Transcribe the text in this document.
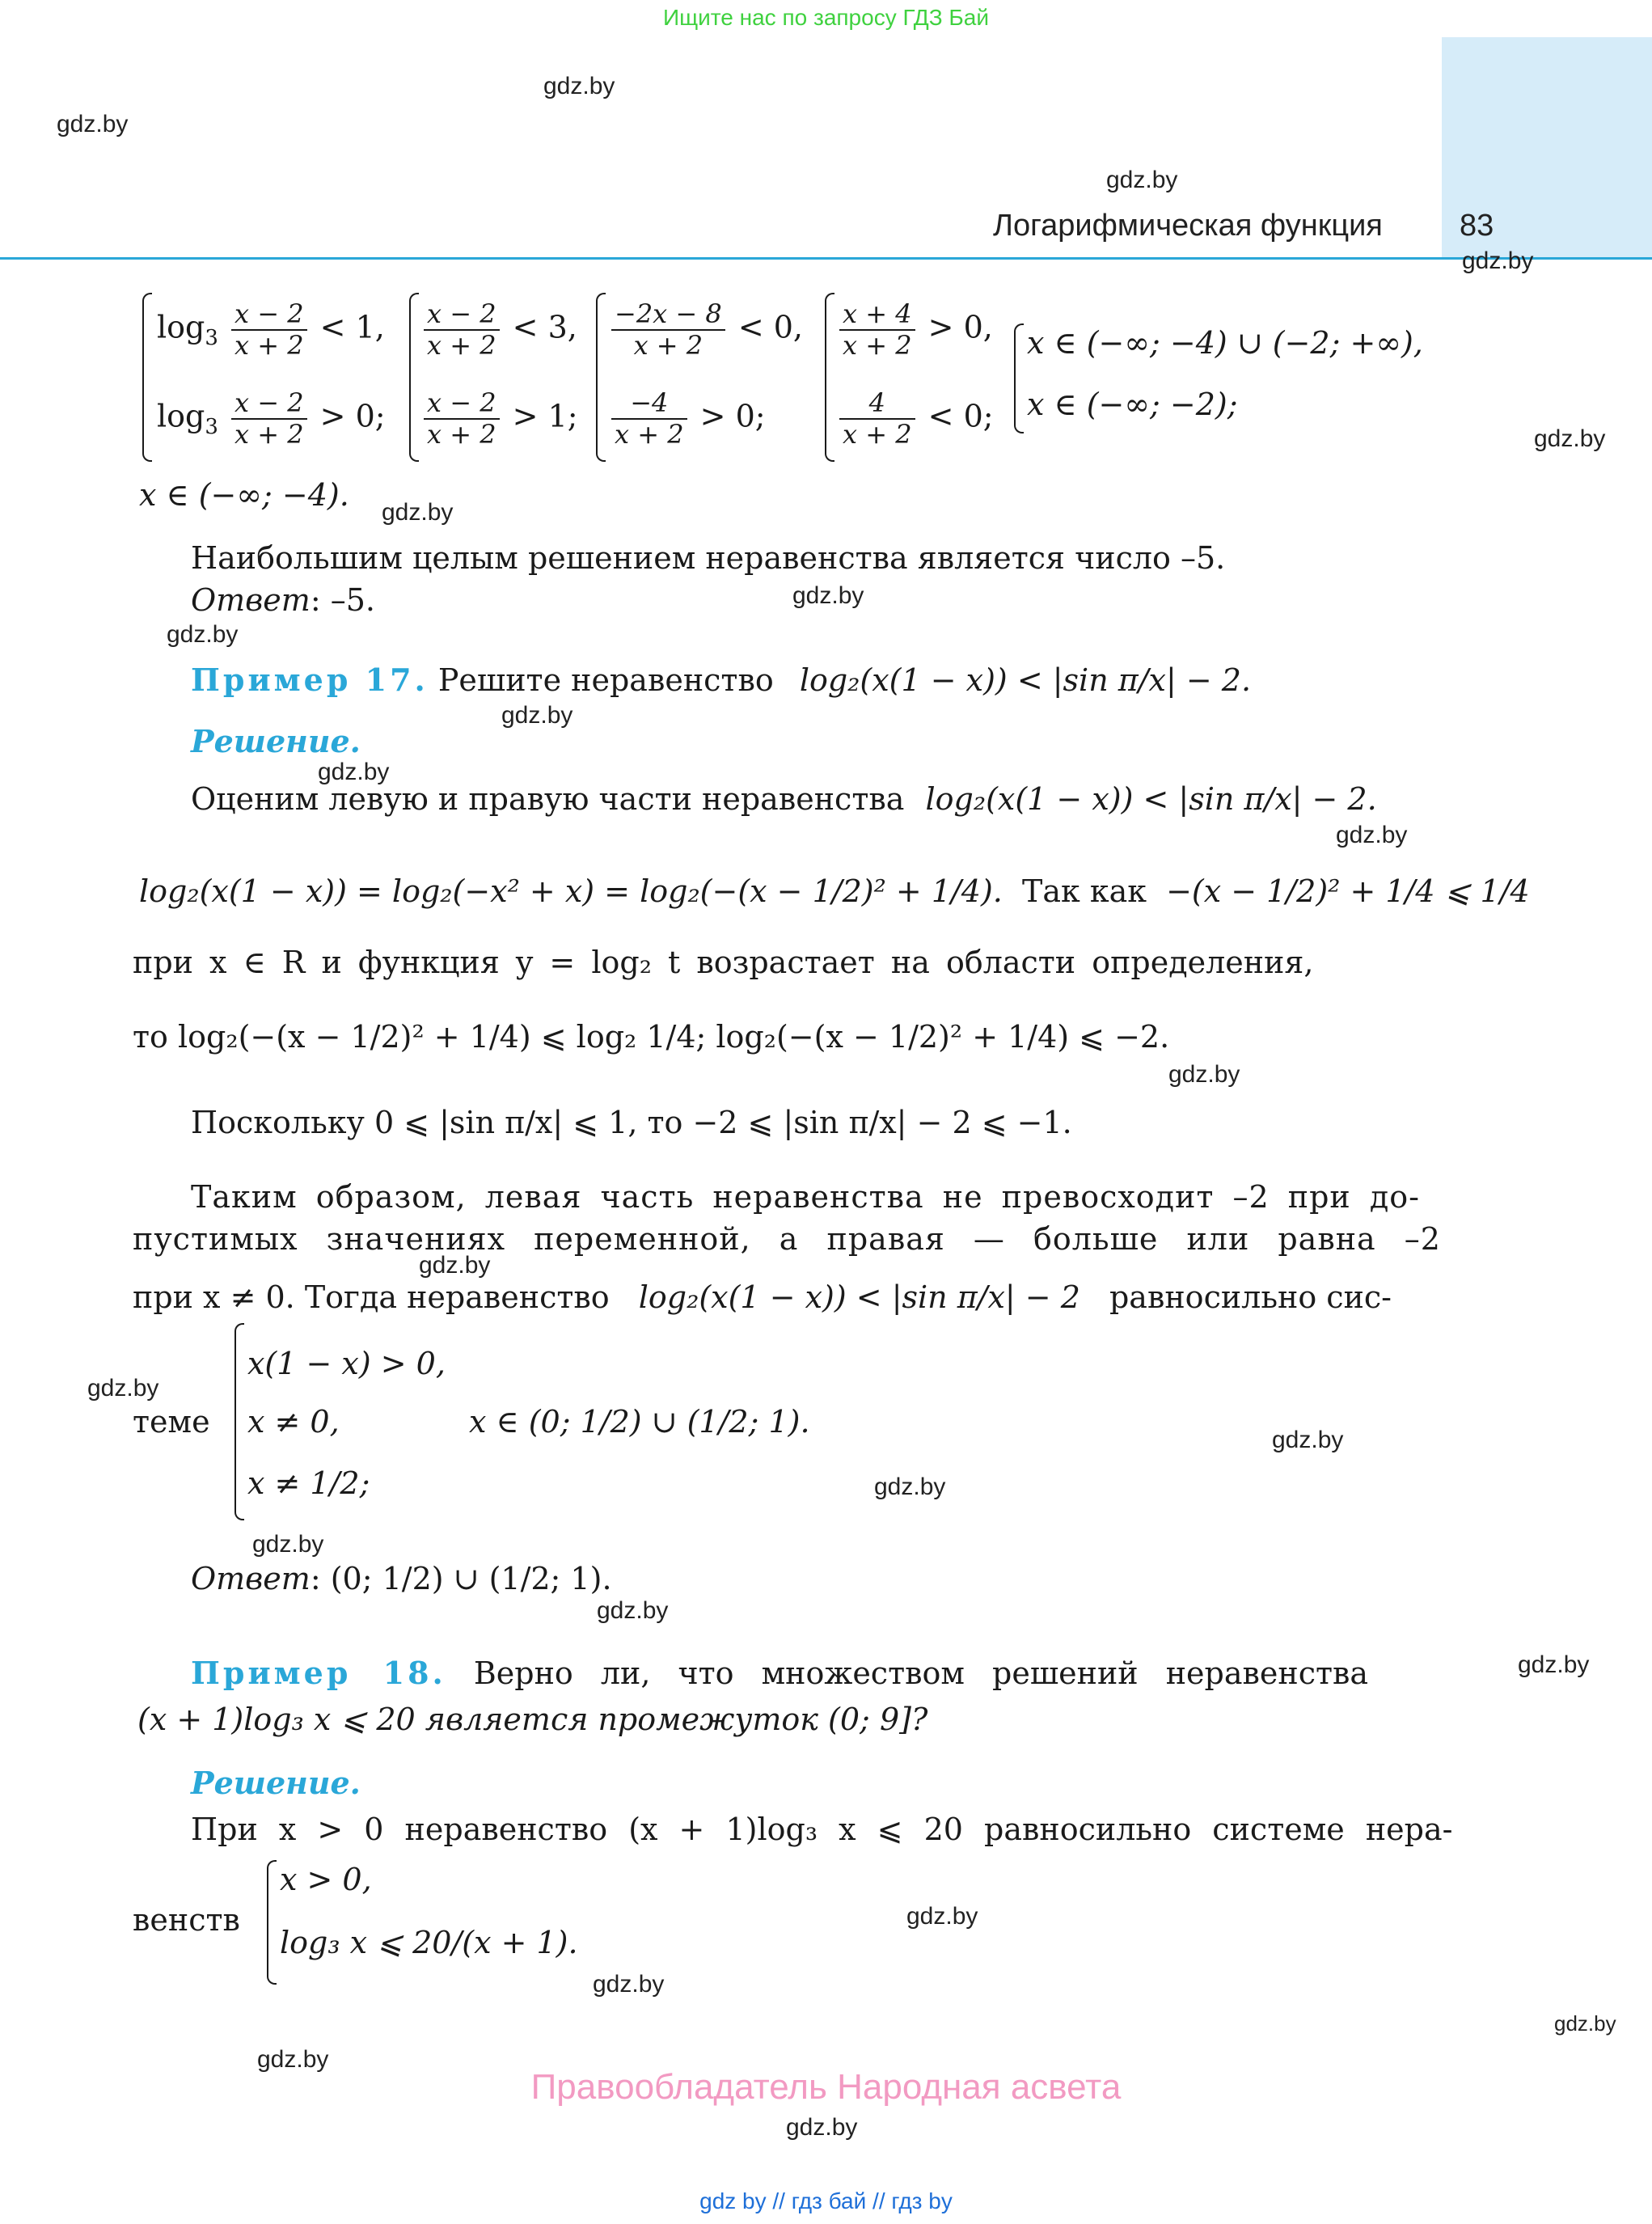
Ищите нас по запросу ГДЗ Бай
Логарифмическая функция	83
gdz.by
gdz.by
gdz.by
gdz.by
gdz.by
gdz.by
gdz.by
gdz.by
gdz.by
gdz.by
gdz.by
gdz.by
gdz.by
gdz.by
gdz.by
gdz.by
gdz.by
gdz.by
gdz.by
gdz.by
gdz.by
gdz.by
gdz.by
gdz.by
$\log_3 \frac{x - 2}{x + 2} < 1$,
$\log_3 \frac{x - 2}{x + 2} > 0$;
$\frac{x - 2}{x + 2} < 3$,
$\frac{x - 2}{x + 2} > 1$;
$\frac{-2x - 8}{x + 2} < 0$,
$\frac{-4}{x + 2} > 0$;
$\frac{x + 4}{x + 2} > 0$,
$\frac{4}{x + 2} < 0$;
x ∈ (−∞; −4) ∪ (−2; +∞),
x ∈ (−∞; −2);
x ∈ (−∞; −4).
Наибольшим целым решением неравенства является число –5.
Ответ: –5.
Пример 17. Решите неравенство log₂(x(1 − x)) < |sin π/x| − 2.
Решение.
Оценим левую и правую части неравенства log₂(x(1 − x)) < |sin π/x| − 2.
log₂(x(1 − x)) = log₂(−x² + x) = log₂(−(x − 1/2)² + 1/4). Так как −(x − 1/2)² + 1/4 ⩽ 1/4
при x ∈ R и функция y = log₂ t возрастает на области определения,
то log₂(−(x − 1/2)² + 1/4) ⩽ log₂ 1/4; log₂(−(x − 1/2)² + 1/4) ⩽ −2.
Поскольку 0 ⩽ |sin π/x| ⩽ 1, то −2 ⩽ |sin π/x| − 2 ⩽ −1.
Таким образом, левая часть неравенства не превосходит –2 при до-
пустимых значениях переменной, а правая — больше или равна –2
при x ≠ 0. Тогда неравенство log₂(x(1 − x)) < |sin π/x| − 2 равносильно сис-
теме
x(1 − x) > 0,
x ≠ 0,
x ≠ 1/2;
x ∈ (0; 1/2) ∪ (1/2; 1).
Ответ: (0; 1/2) ∪ (1/2; 1).
Пример 18. Верно ли, что множеством решений неравенства
(x + 1)log₃ x ⩽ 20 является промежуток (0; 9]?
Решение.
При x > 0 неравенство (x + 1)log₃ x ⩽ 20 равносильно системе нера-
венств
x > 0,
log₃ x ⩽ 20/(x + 1).
Правообладатель Народная асвета
gdz by // гдз бай // гдз by
